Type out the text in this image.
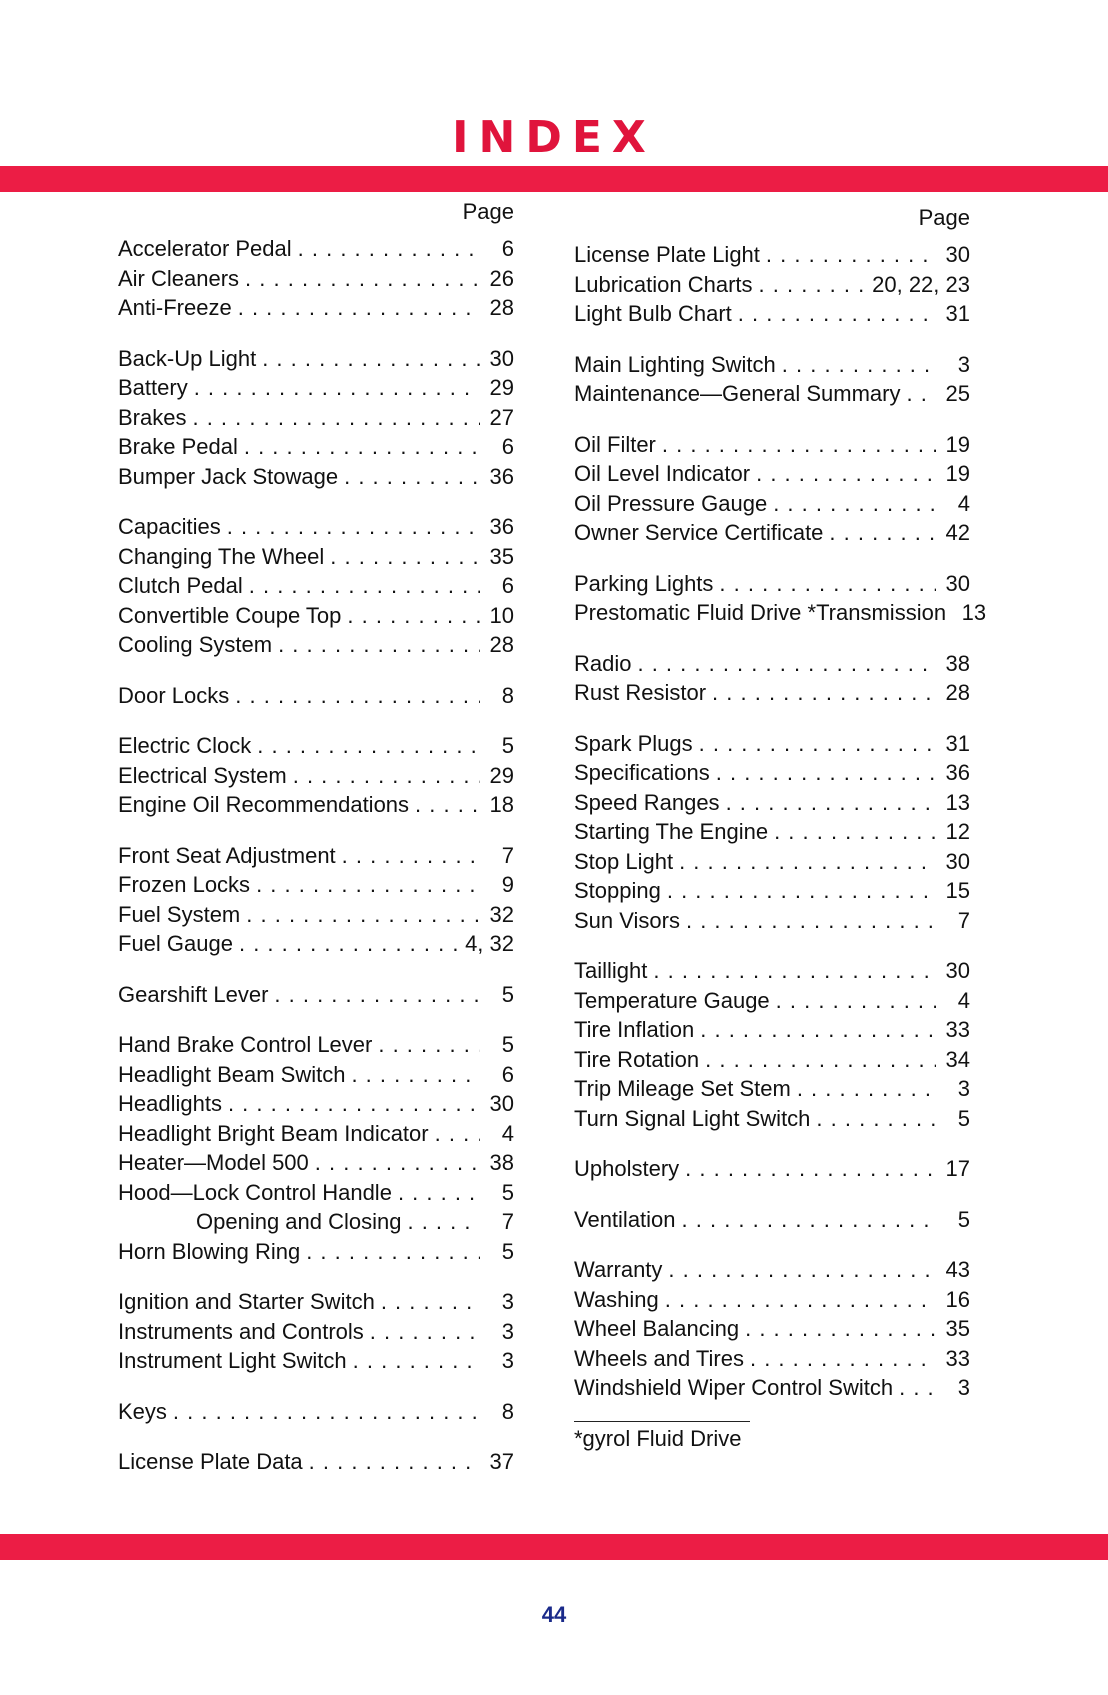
INDEX
Page
Accelerator Pedal . . .	6
Air Cleaners . . .	26
Anti-Freeze . . .	28
Back-Up Light . . .	30
Battery . . .	29
Brakes . . .	27
Brake Pedal . . .	6
Bumper Jack Stowage . . .	36
Capacities . . .	36
Changing The Wheel . . .	35
Clutch Pedal . . .	6
Convertible Coupe Top . . .	10
Cooling System . . .	28
Door Locks . . .	8
Electric Clock . . .	5
Electrical System . . .	29
Engine Oil Recommendations . . .	18
Front Seat Adjustment . . .	7
Frozen Locks . . .	9
Fuel System . . .	32
Fuel Gauge . . .	4, 32
Gearshift Lever . . .	5
Hand Brake Control Lever . . .	5
Headlight Beam Switch . . .	6
Headlights . . .	30
Headlight Bright Beam Indicator . . .	4
Heater—Model 500 . . .	38
Hood—Lock Control Handle . . .	5
Opening and Closing . . .	7
Horn Blowing Ring . . .	5
Ignition and Starter Switch . . .	3
Instruments and Controls . . .	3
Instrument Light Switch . . .	3
Keys . . .	8
License Plate Data . . .	37
Page
License Plate Light . . .	30
Lubrication Charts . . .	20, 22, 23
Light Bulb Chart . . .	31
Main Lighting Switch . . .	3
Maintenance—General Summary . . . 25
Oil Filter . . .	19
Oil Level Indicator . . .	19
Oil Pressure Gauge . . .	4
Owner Service Certificate . . .	42
Parking Lights . . .	30
Prestomatic Fluid Drive *Transmission 13
Radio . . .	38
Rust Resistor . . .	28
Spark Plugs . . .	31
Specifications . . .	36
Speed Ranges . . .	13
Starting The Engine . . .	12
Stop Light . . .	30
Stopping . . .	15
Sun Visors . . .	7
Taillight . . .	30
Temperature Gauge . . .	4
Tire Inflation . . .	33
Tire Rotation . . .	34
Trip Mileage Set Stem . . .	3
Turn Signal Light Switch . . .	5
Upholstery . . .	17
Ventilation . . .	5
Warranty . . .	43
Washing . . .	16
Wheel Balancing . . .	35
Wheels and Tires . . .	33
Windshield Wiper Control Switch . . .	3
*gyrol Fluid Drive
44
